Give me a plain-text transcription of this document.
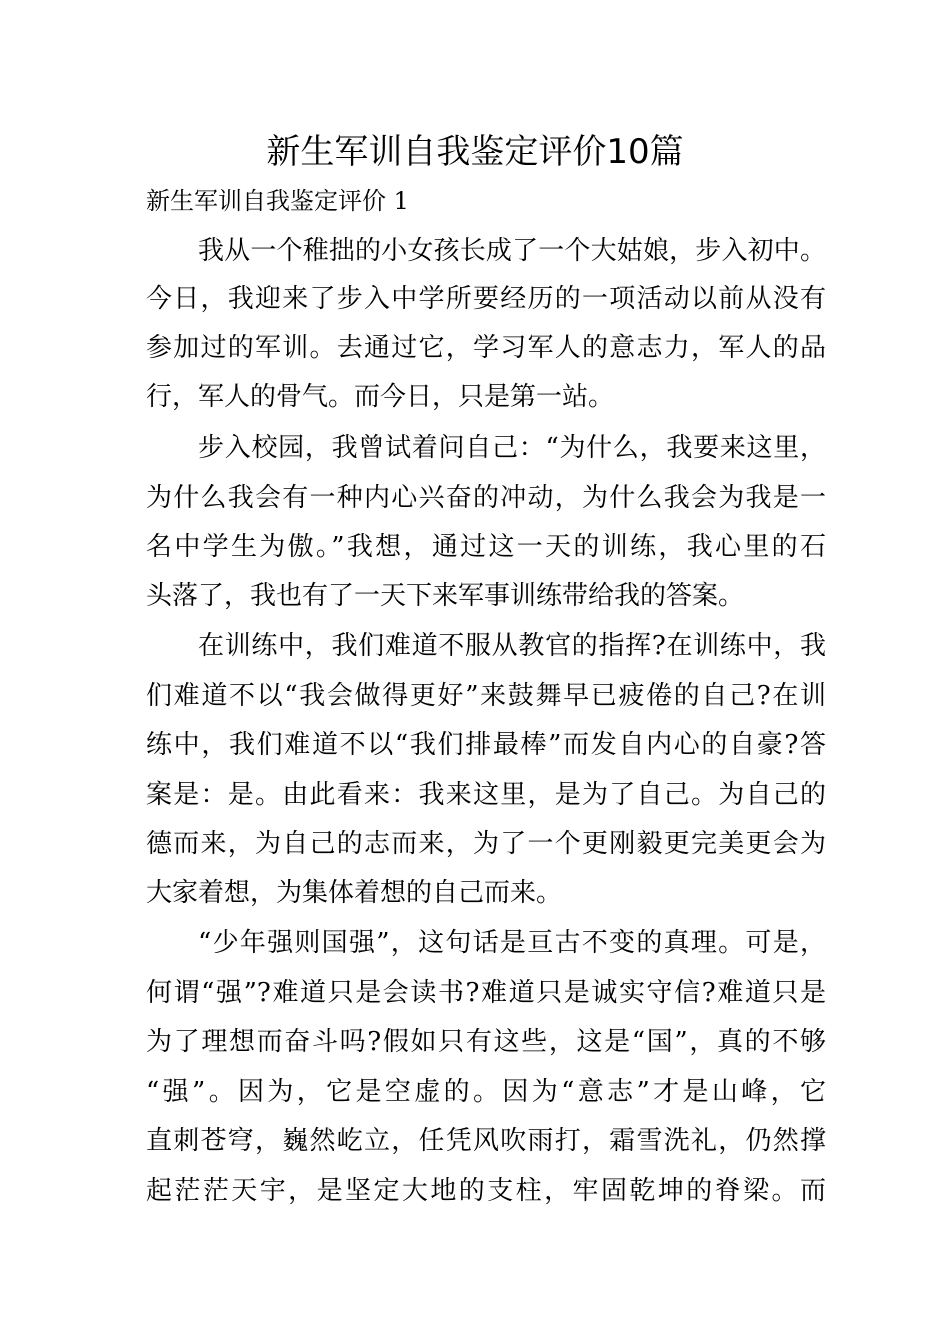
新生军训自我鉴定评价10篇
新生军训自我鉴定评价 1
我从一个稚拙的小女孩长成了一个大姑娘，步入初中。
今日，我迎来了步入中学所要经历的一项活动以前从没有
参加过的军训。去通过它，学习军人的意志力，军人的品
行，军人的骨气。而今日，只是第一站。
步入校园，我曾试着问自己：“为什么，我要来这里，
为什么我会有一种内心兴奋的冲动，为什么我会为我是一
名中学生为傲。”我想，通过这一天的训练，我心里的石
头落了，我也有了一天下来军事训练带给我的答案。
在训练中，我们难道不服从教官的指挥?在训练中，我
们难道不以“我会做得更好”来鼓舞早已疲倦的自己?在训
练中，我们难道不以“我们排最棒”而发自内心的自豪?答
案是：是。由此看来：我来这里，是为了自己。为自己的
德而来，为自己的志而来，为了一个更刚毅更完美更会为
大家着想，为集体着想的自己而来。
“少年强则国强”，这句话是亘古不变的真理。可是，
何谓“强”?难道只是会读书?难道只是诚实守信?难道只是
为了理想而奋斗吗?假如只有这些，这是“国”，真的不够
“强”。因为，它是空虚的。因为“意志”才是山峰，它
直刺苍穹，巍然屹立，任凭风吹雨打，霜雪洗礼，仍然撑
起茫茫天宇，是坚定大地的支柱，牢固乾坤的脊梁。而
